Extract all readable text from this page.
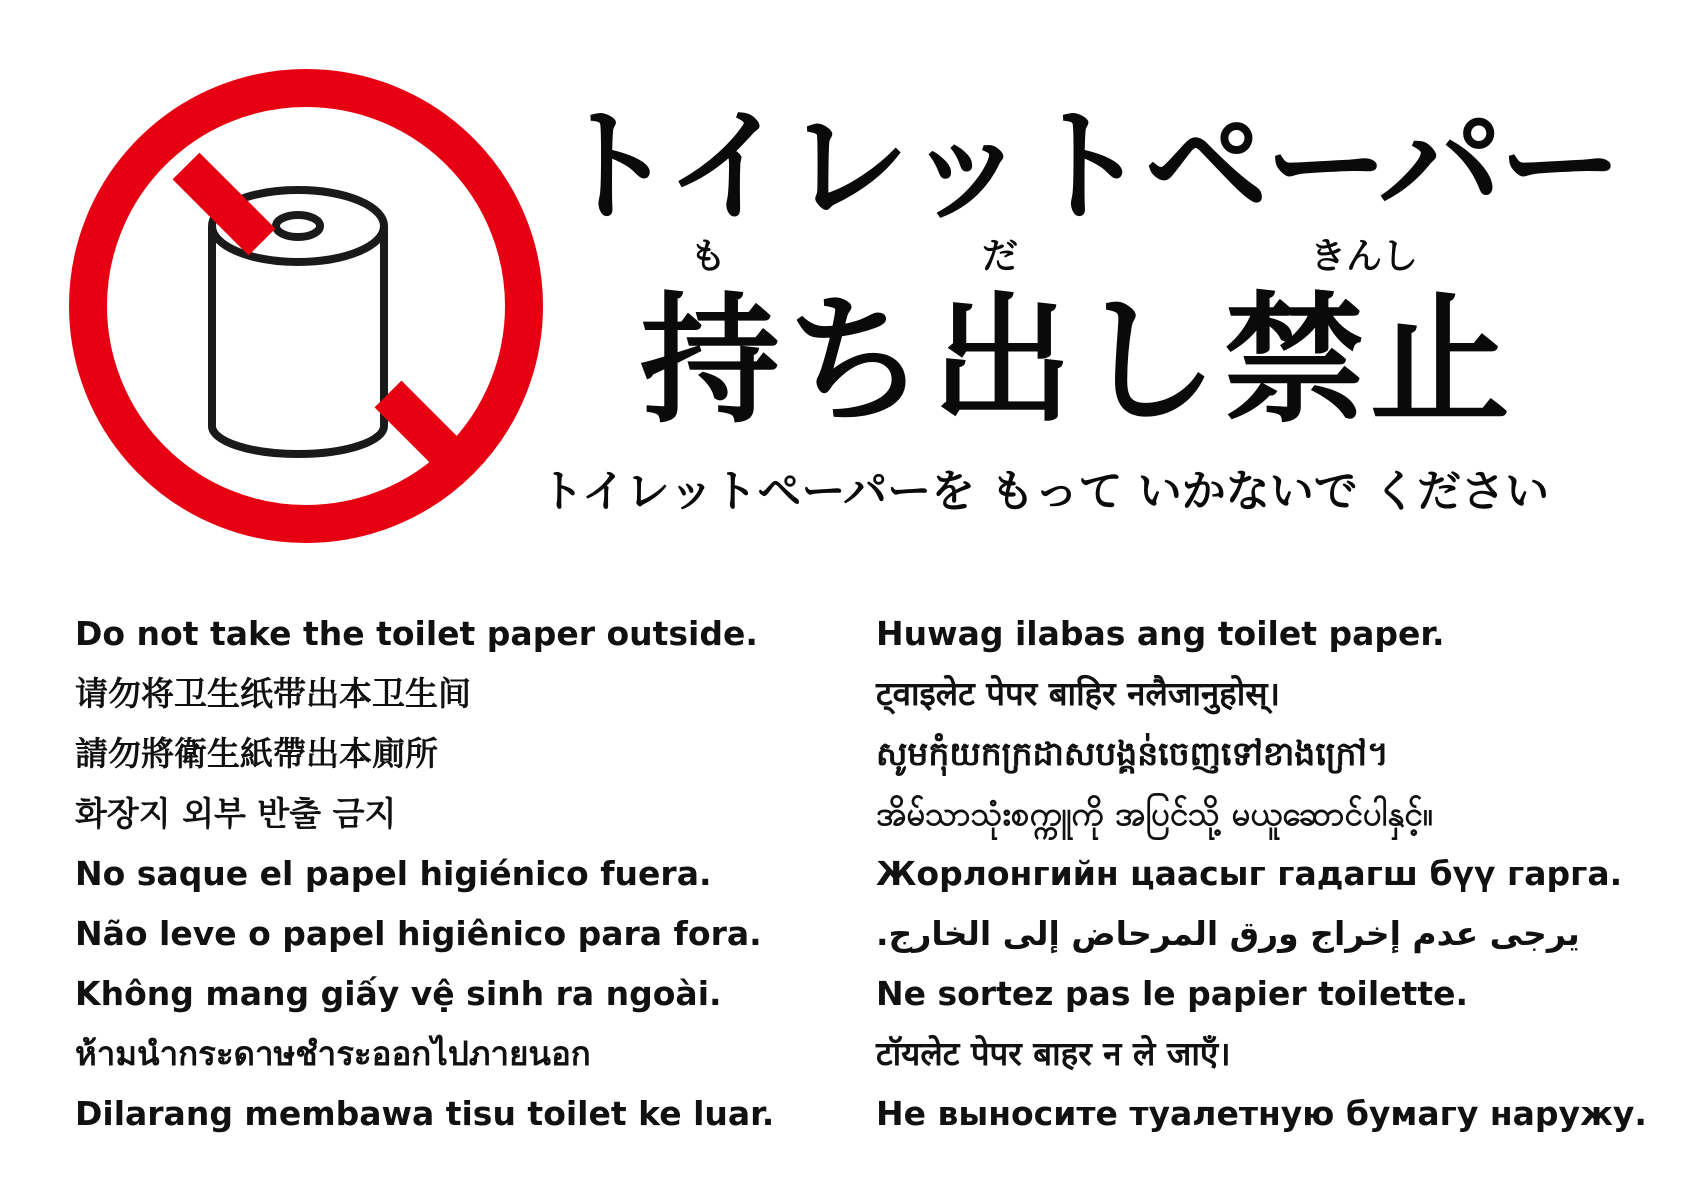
トイレットペーパー
も	だ	きんし
持ち出し禁止
トイレットペーパーを もって いかないで ください
Do not take the toilet paper outside.
请勿将卫生纸带出本卫生间
請勿將衛生紙帶出本廁所
화장지 외부 반출 금지
No saque el papel higiénico fuera.
Não leve o papel higiênico para fora.
Không mang giấy vệ sinh ra ngoài.
ห้ามนำกระดาษชำระออกไปภายนอก
Dilarang membawa tisu toilet ke luar.
Huwag ilabas ang toilet paper.
ट्वाइलेट पेपर बाहिर नलैजानुहोस्।
សូមកុំយកក្រដាសបង្គន់ចេញទៅខាងក្រៅ។
အိမ်သာသုံးစက္ကူကို အပြင်သို့ မယူဆောင်ပါနှင့်။
Жорлонгийн цаасыг гадагш бүү гарга.
يرجى عدم إخراج ورق المرحاض إلى الخارج.
Ne sortez pas le papier toilette.
टॉयलेट पेपर बाहर न ले जाएँ।
Не выносите туалетную бумагу наружу.
